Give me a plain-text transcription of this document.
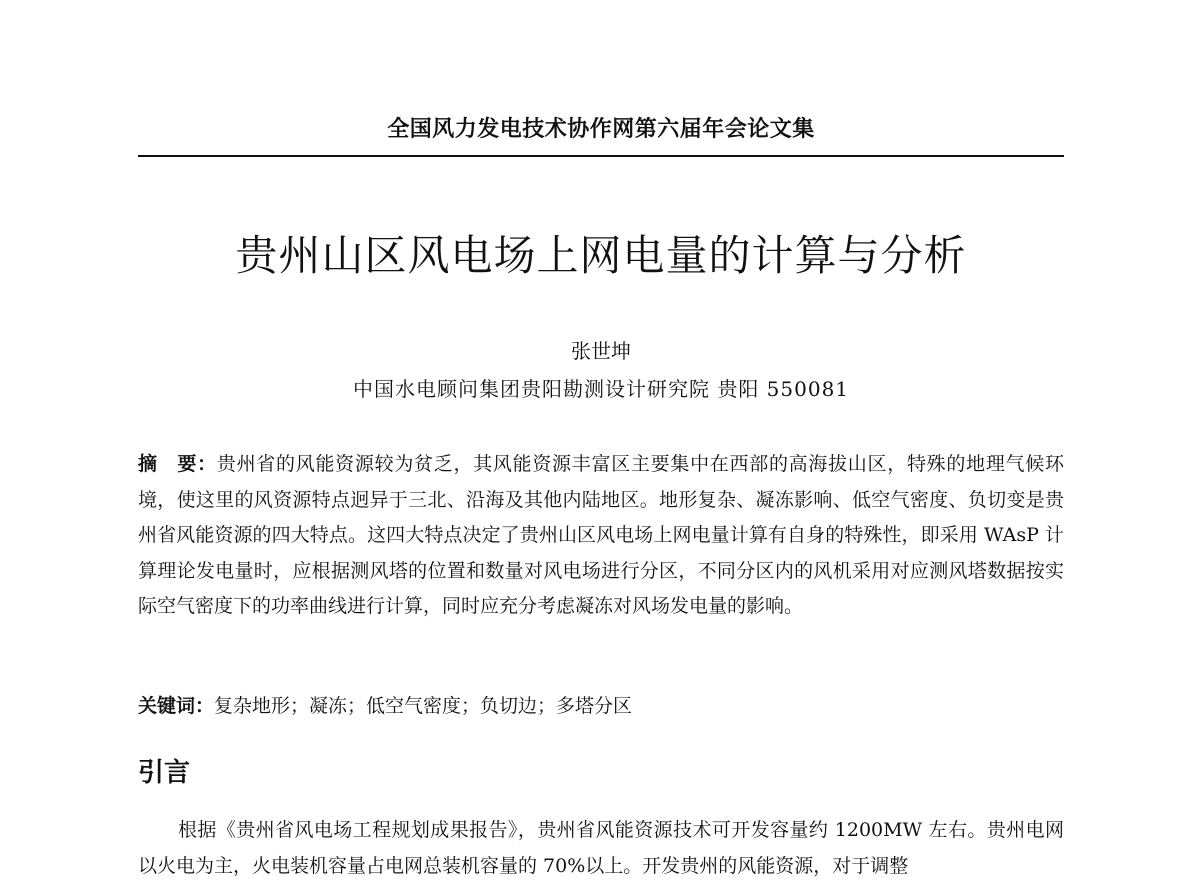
全国风力发电技术协作网第六届年会论文集
贵州山区风电场上网电量的计算与分析
张世坤
中国水电顾问集团贵阳勘测设计研究院 贵阳 550081
摘　要：贵州省的风能资源较为贫乏，其风能资源丰富区主要集中在西部的高海拔山区，特殊的地理气候环境，使这里的风资源特点迥异于三北、沿海及其他内陆地区。地形复杂、凝冻影响、低空气密度、负切变是贵州省风能资源的四大特点。这四大特点决定了贵州山区风电场上网电量计算有自身的特殊性，即采用 WAsP 计算理论发电量时，应根据测风塔的位置和数量对风电场进行分区，不同分区内的风机采用对应测风塔数据按实际空气密度下的功率曲线进行计算，同时应充分考虑凝冻对风场发电量的影响。
关键词：复杂地形；凝冻；低空气密度；负切边；多塔分区
引言
根据《贵州省风电场工程规划成果报告》，贵州省风能资源技术可开发容量约 1200MW 左右。贵州电网以火电为主，火电装机容量占电网总装机容量的 70%以上。开发贵州的风能资源，对于调整
